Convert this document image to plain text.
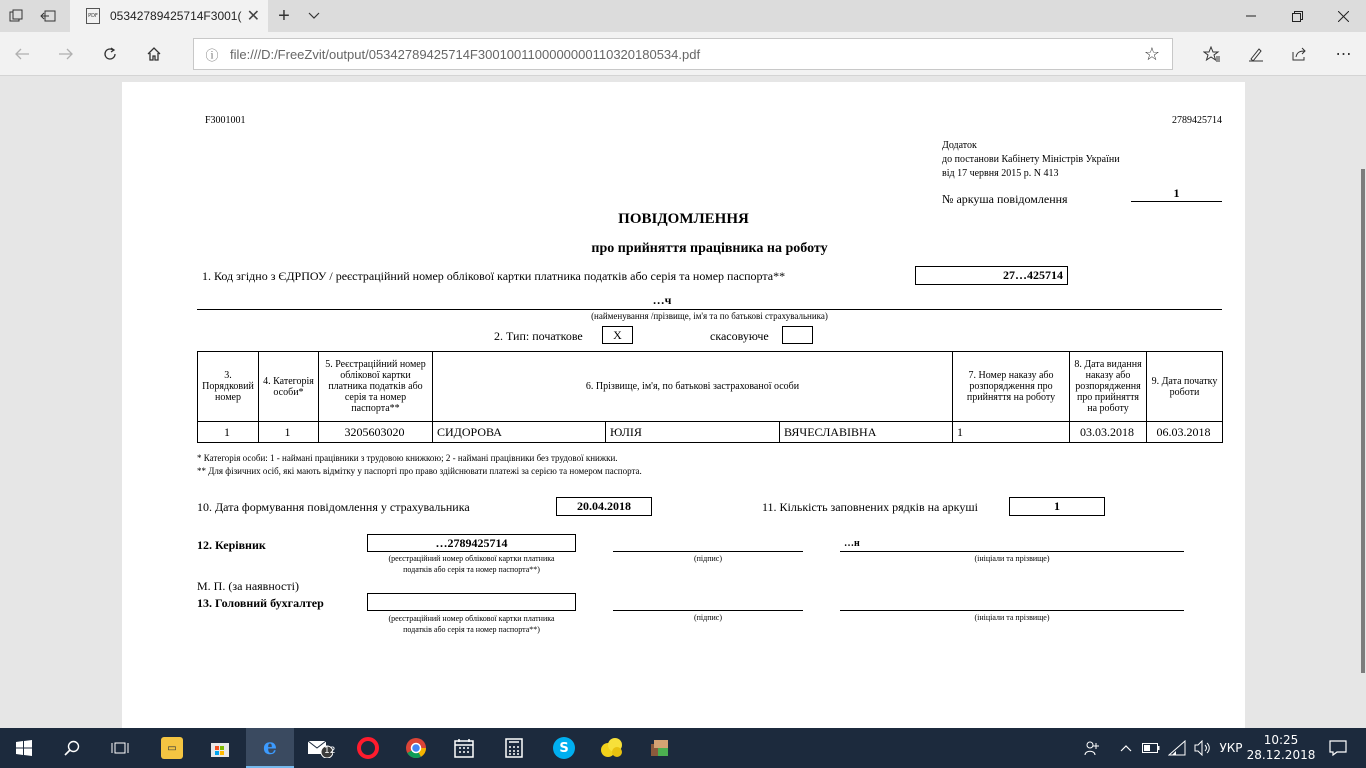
PDF 05342789425714F3001( ✕ +
⋯
ⓘ
file:///D:/FreeZvit/output/05342789425714F3001001100000000110320180534.pdf	☆
F3001001	2789425714
Додаток
до постанови Кабінету Міністрів України
від 17 червня 2015 р. N 413
№ аркуша повідомлення	1
ПОВІДОМЛЕННЯ
про прийняття працівника на роботу
1. Код згідно з ЄДРПОУ / реєстраційний номер облікової картки платника податків або серія та номер паспорта**	27…425714
…ч
(найменування /прізвище, ім'я та по батькові страхувальника)
2. Тип: початкове	X	скасовуюче
3. Порядковий номер	4. Категорія особи*	5. Реєстраційний номер облікової картки платника податків або серія та номер паспорта**	6. Прізвище, ім'я, по батькові застрахованої особи			7. Номер наказу або розпорядження про прийняття на роботу	8. Дата видання наказу або розпорядження про прийняття на роботу	9. Дата початку роботи
1	1	3205603020	СИДОРОВА	ЮЛІЯ	ВЯЧЕСЛАВІВНА	1	03.03.2018	06.03.2018
* Категорія особи: 1 - наймані працівники з трудовою книжкою; 2 - наймані працівники без трудової книжки.
** Для фізичних осіб, які мають відмітку у паспорті про право здійснювати платежі за серією та номером паспорта.
10. Дата формування повідомлення у страхувальника	20.04.2018	11. Кількість заповнених рядків на аркуші	1
12. Керівник	…2789425714
(реєстраційний номер облікової картки платника
податків або серія та номер паспорта**)
(підпис)
…н
(ініціали та прізвище)
М. П. (за наявності)
13. Головний бухгалтер
(реєстраційний номер облікової картки платника
податків або серія та номер паспорта**)
(підпис)	(ініціали та прізвище)
▭	e	12	S	УКР
10:25
28.12.2018
